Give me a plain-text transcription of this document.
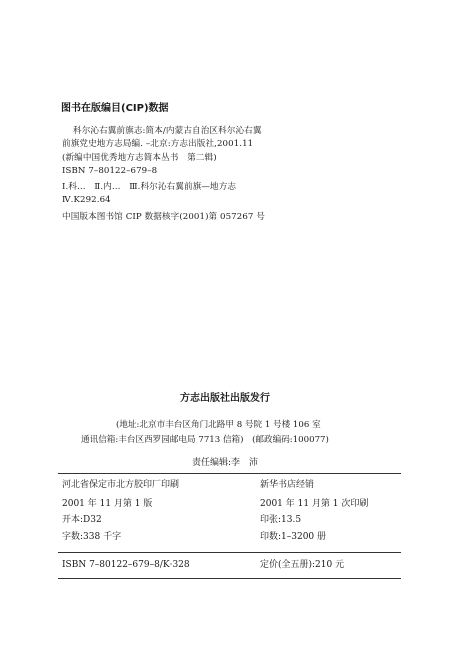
图书在版编目(CIP)数据
科尔沁右翼前旗志:简本/内蒙古自治区科尔沁右翼
前旗党史地方志局编. –北京:方志出版社,2001.11
(新编中国优秀地方志简本丛书　第二辑)
ISBN 7–80122–679–8
Ⅰ.科…　Ⅱ.内…　Ⅲ.科尔沁右翼前旗—地方志
Ⅳ.K292.64
中国版本图书馆 CIP 数据核字(2001)第 057267 号
方志出版社出版发行
(地址:北京市丰台区角门北路甲 8 号院 1 号楼 106 室
通讯信箱:丰台区西罗园邮电局 7713 信箱)　(邮政编码:100077)
责任编辑:李　沛
河北省保定市北方胶印厂印刷	新华书店经销
2001 年 11 月第 1 版	2001 年 11 月第 1 次印刷
开本:D32	印张:13.5
字数:338 千字	印数:1–3200 册
ISBN 7–80122–679–8/K·328	定价(全五册):210 元
